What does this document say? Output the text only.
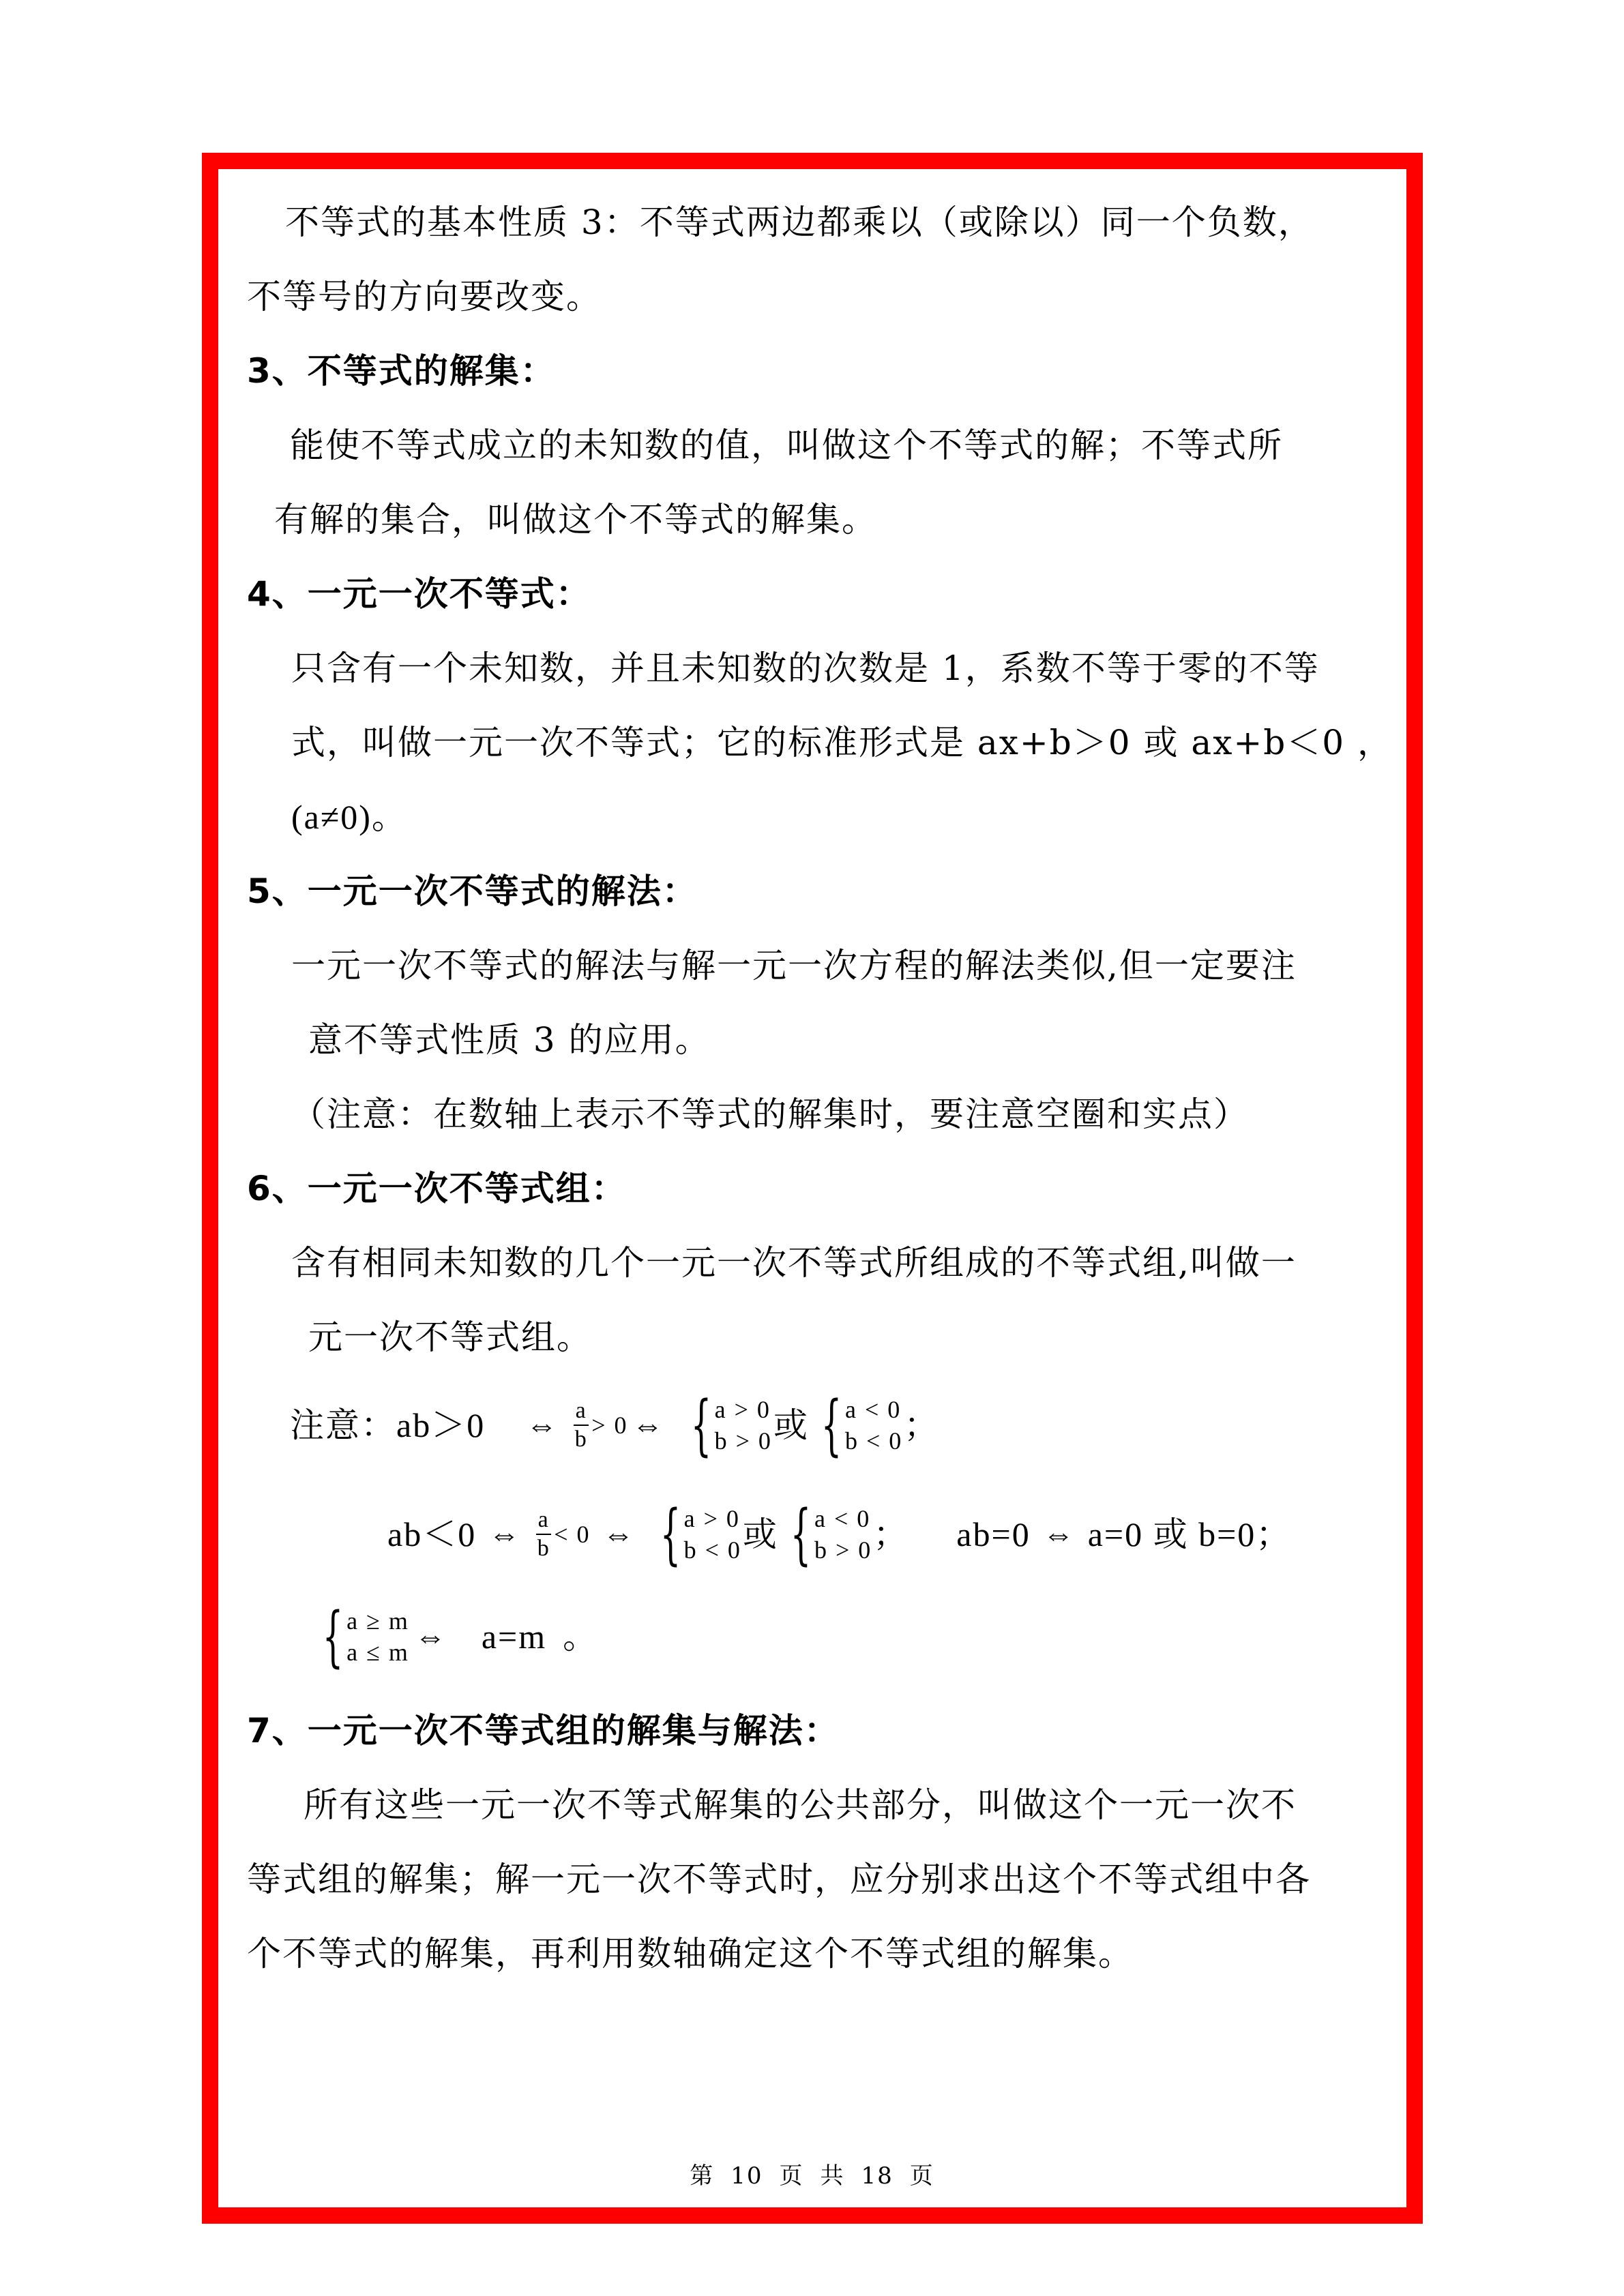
不等式的基本性质 3：不等式两边都乘以（或除以）同一个负数，
不等号的方向要改变。
3、不等式的解集：
能使不等式成立的未知数的值，叫做这个不等式的解；不等式所
有解的集合，叫做这个不等式的解集。
4、一元一次不等式：
只含有一个未知数，并且未知数的次数是 1，系数不等于零的不等
式，叫做一元一次不等式；它的标准形式是 ax+b＞0 或 ax+b＜0 ，
(a≠0)。
5、一元一次不等式的解法：
一元一次不等式的解法与解一元一次方程的解法类似,但一定要注
意不等式性质 3 的应用。
（注意：在数轴上表示不等式的解集时，要注意空圈和实点）
6、一元一次不等式组：
含有相同未知数的几个一元一次不等式所组成的不等式组,叫做一
元一次不等式组。
注意： ab＞0 ⇔ $\frac{a}{b} > 0$ ⇔ { a > 0
b > 0 或 { a < 0
b < 0 ；
ab＜0 ⇔ $\frac{a}{b} < 0$ ⇔ { a > 0
b < 0 或 { a < 0
b > 0 ； ab=0 ⇔ a=0 或 b=0；
{ a ≥ m
a ≤ m ⇔ a=m 。
7、一元一次不等式组的解集与解法：
所有这些一元一次不等式解集的公共部分，叫做这个一元一次不
等式组的解集；解一元一次不等式时，应分别求出这个不等式组中各
个不等式的解集，再利用数轴确定这个不等式组的解集。
第 10 页 共 18 页
